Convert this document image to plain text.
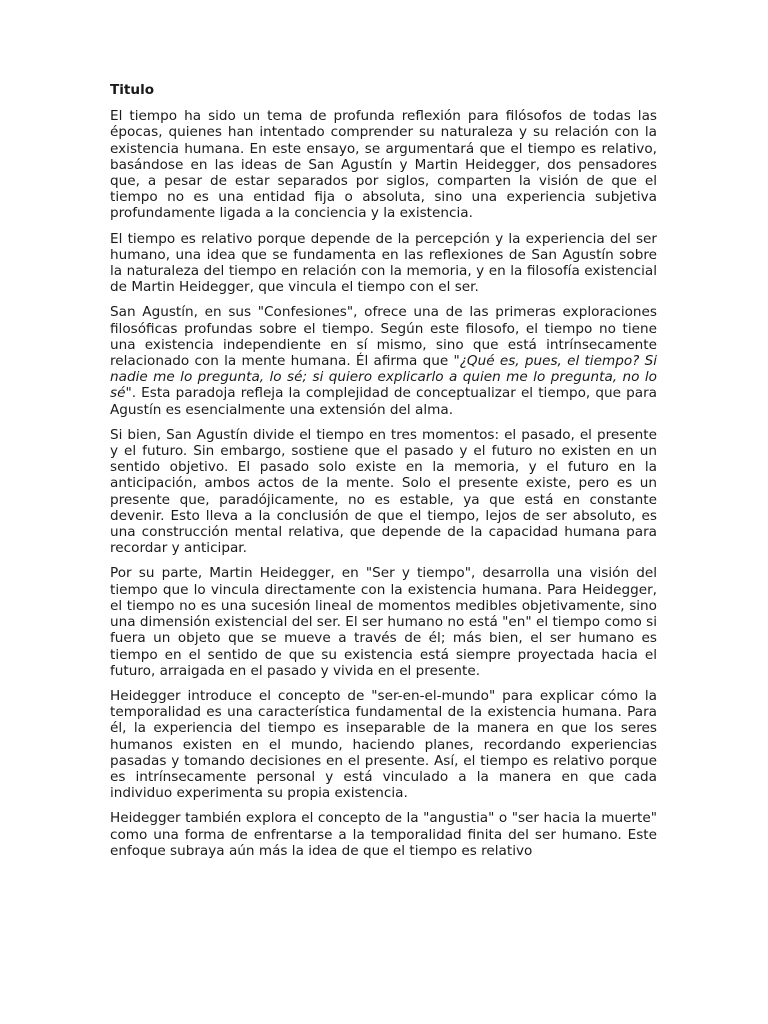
Titulo

El tiempo ha sido un tema de profunda reflexión para filósofos de todas las épocas, quienes han intentado comprender su naturaleza y su relación con la existencia humana. En este ensayo, se argumentará que el tiempo es relativo, basándose en las ideas de San Agustín y Martin Heidegger, dos pensadores que, a pesar de estar separados por siglos, comparten la visión de que el tiempo no es una entidad fija o absoluta, sino una experiencia subjetiva profundamente ligada a la conciencia y la existencia.

El tiempo es relativo porque depende de la percepción y la experiencia del ser humano, una idea que se fundamenta en las reflexiones de San Agustín sobre la naturaleza del tiempo en relación con la memoria, y en la filosofía existencial de Martin Heidegger, que vincula el tiempo con el ser.

San Agustín, en sus "Confesiones", ofrece una de las primeras exploraciones filosóficas profundas sobre el tiempo. Según este filosofo, el tiempo no tiene una existencia independiente en sí mismo, sino que está intrínsecamente relacionado con la mente humana. Él afirma que "¿Qué es, pues, el tiempo? Si nadie me lo pregunta, lo sé; si quiero explicarlo a quien me lo pregunta, no lo sé". Esta paradoja refleja la complejidad de conceptualizar el tiempo, que para Agustín es esencialmente una extensión del alma.

Si bien, San Agustín divide el tiempo en tres momentos: el pasado, el presente y el futuro. Sin embargo, sostiene que el pasado y el futuro no existen en un sentido objetivo. El pasado solo existe en la memoria, y el futuro en la anticipación, ambos actos de la mente. Solo el presente existe, pero es un presente que, paradójicamente, no es estable, ya que está en constante devenir. Esto lleva a la conclusión de que el tiempo, lejos de ser absoluto, es una construcción mental relativa, que depende de la capacidad humana para recordar y anticipar.

Por su parte, Martin Heidegger, en "Ser y tiempo", desarrolla una visión del tiempo que lo vincula directamente con la existencia humana. Para Heidegger, el tiempo no es una sucesión lineal de momentos medibles objetivamente, sino una dimensión existencial del ser. El ser humano no está "en" el tiempo como si fuera un objeto que se mueve a través de él; más bien, el ser humano es tiempo en el sentido de que su existencia está siempre proyectada hacia el futuro, arraigada en el pasado y vivida en el presente.

Heidegger introduce el concepto de "ser-en-el-mundo" para explicar cómo la temporalidad es una característica fundamental de la existencia humana. Para él, la experiencia del tiempo es inseparable de la manera en que los seres humanos existen en el mundo, haciendo planes, recordando experiencias pasadas y tomando decisiones en el presente. Así, el tiempo es relativo porque es intrínsecamente personal y está vinculado a la manera en que cada individuo experimenta su propia existencia.

Heidegger también explora el concepto de la "angustia" o "ser hacia la muerte" como una forma de enfrentarse a la temporalidad finita del ser humano. Este enfoque subraya aún más la idea de que el tiempo es relativo
